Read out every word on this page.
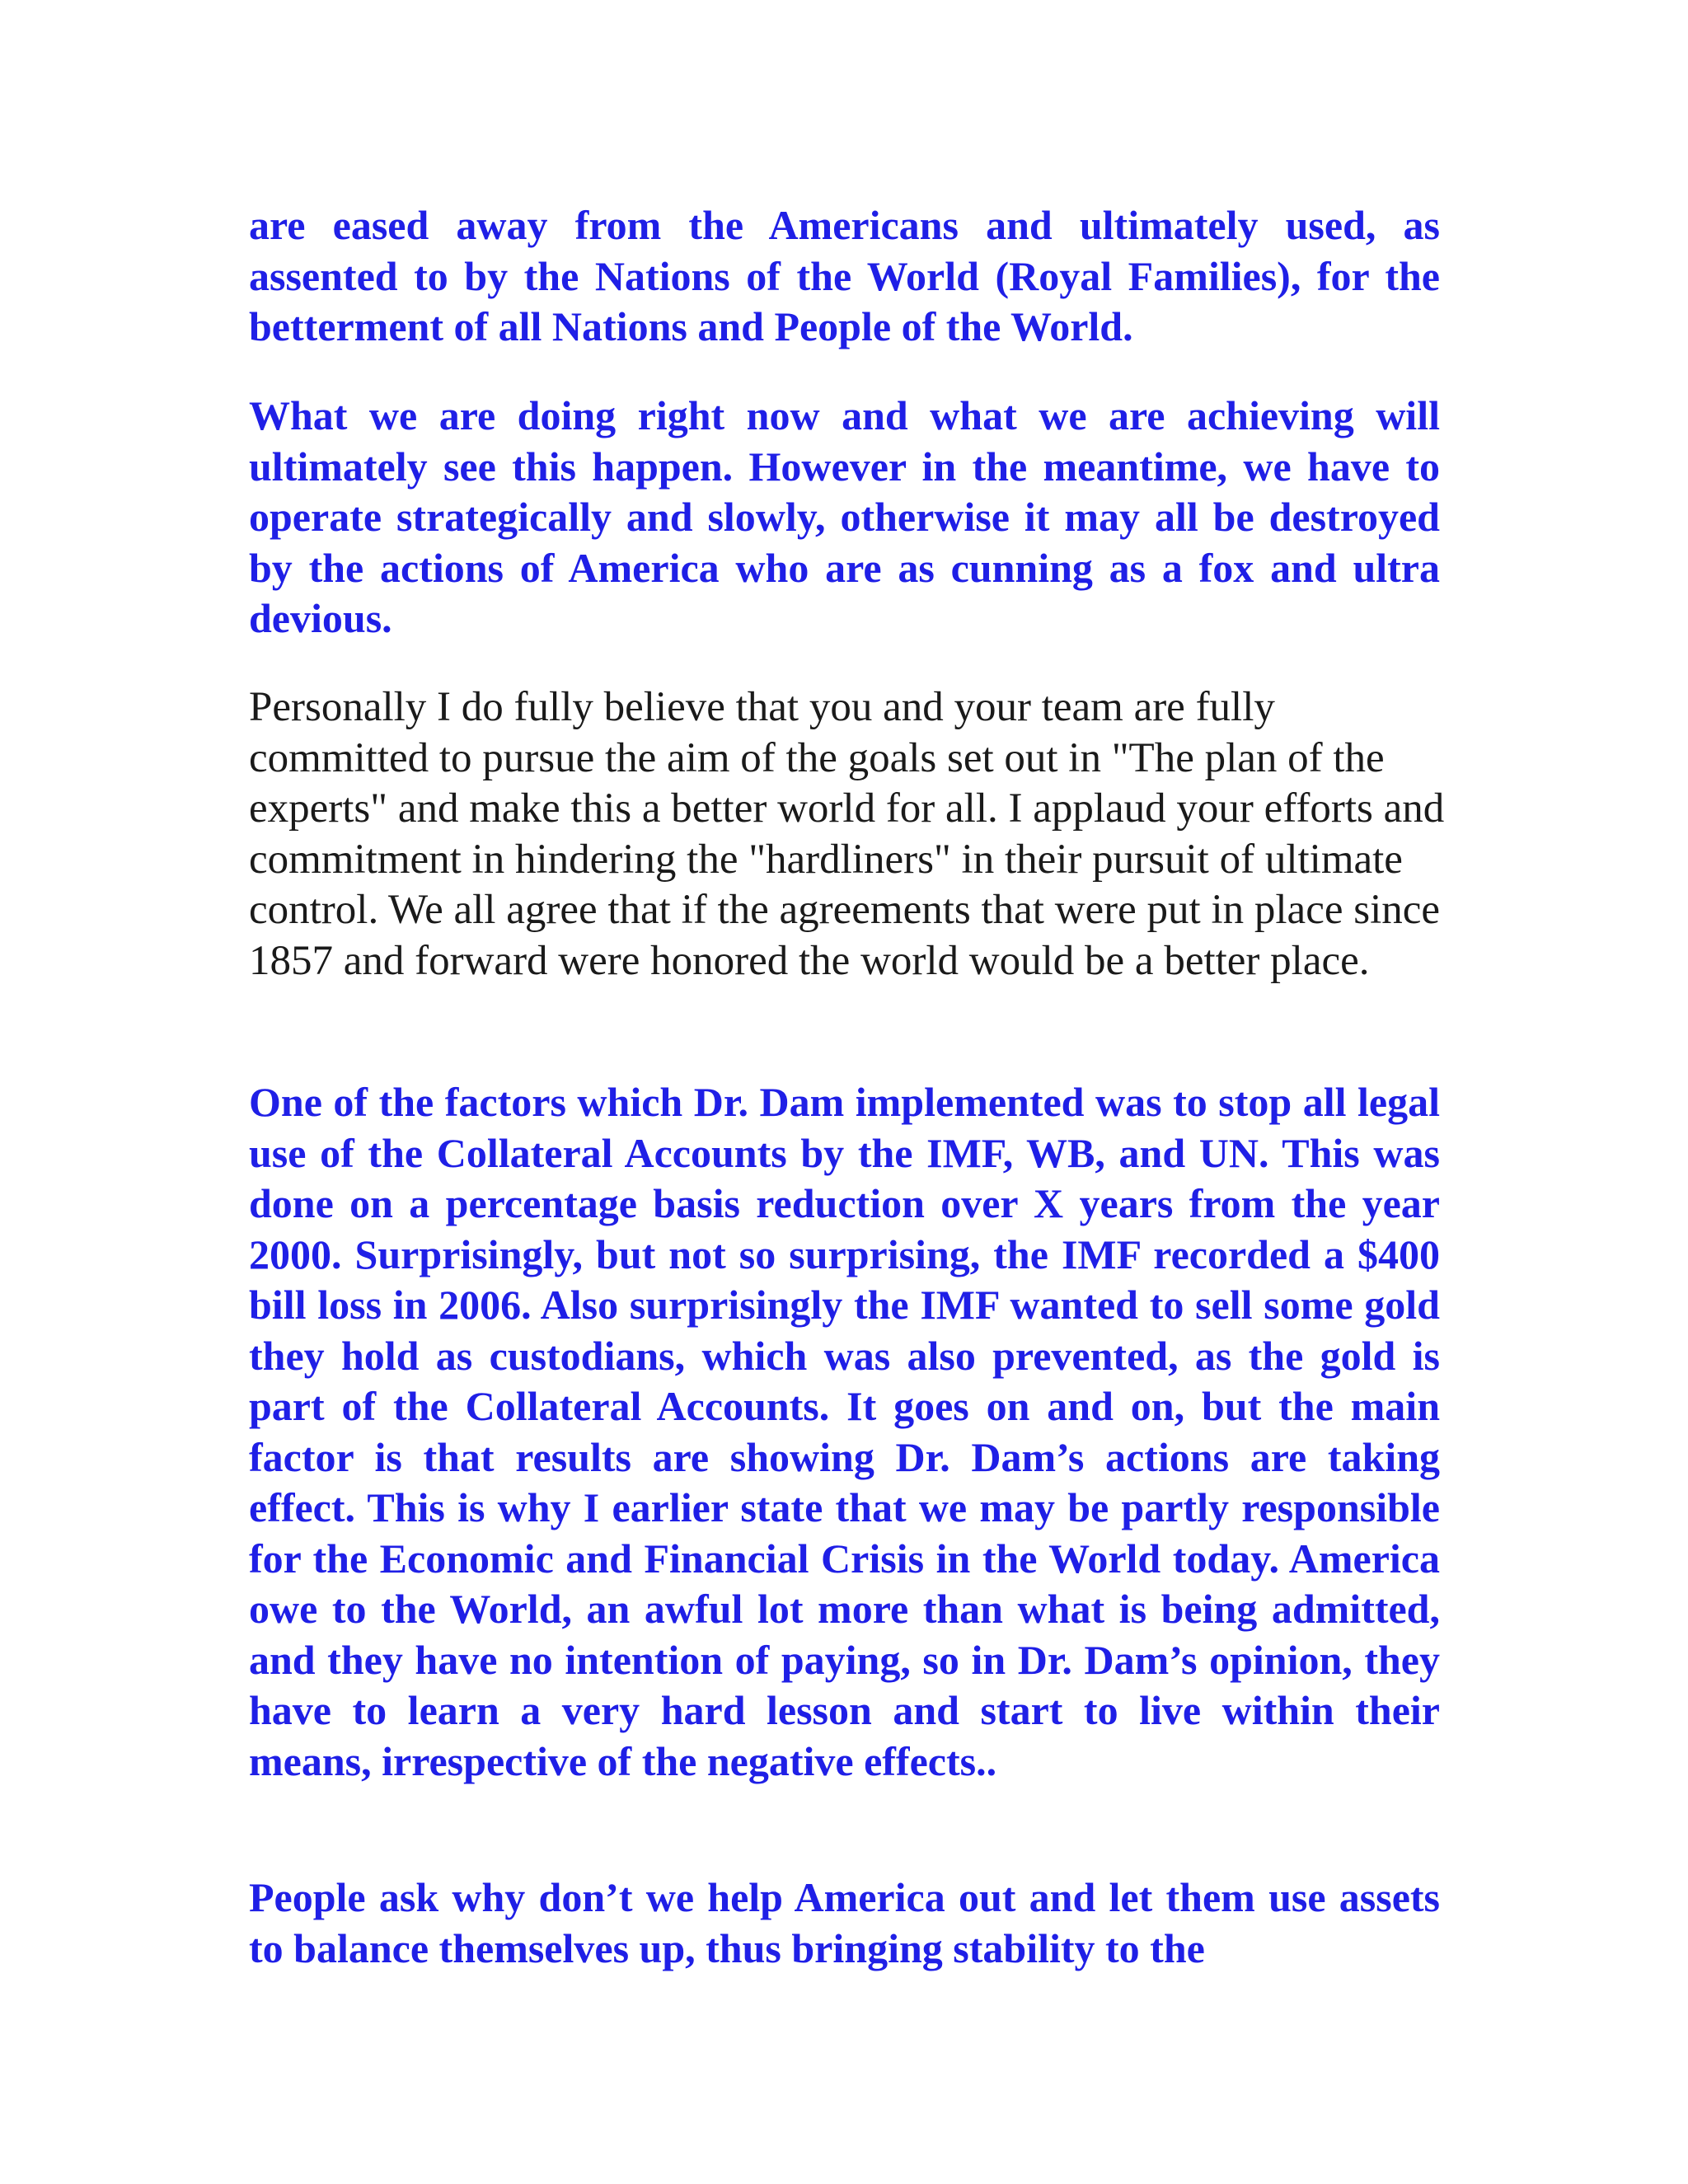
are eased away from the Americans and ultimately used, as assented to by the Nations of the World (Royal Families), for the betterment of all Nations and People of the World.

What we are doing right now and what we are achieving will ultimately see this happen. However in the meantime, we have to operate strategically and slowly, otherwise it may all be destroyed by the actions of America who are as cunning as a fox and ultra devious.

Personally I do fully believe that you and your team are fully committed to pursue the aim of the goals set out in "The plan of the experts" and make this a better world for all. I applaud your efforts and commitment in hindering the "hardliners" in their pursuit of ultimate control. We all agree that if the agreements that were put in place since 1857 and forward were honored the world would be a better place.

One of the factors which Dr. Dam implemented was to stop all legal use of the Collateral Accounts by the IMF, WB, and UN. This was done on a percentage basis reduction over X years from the year 2000. Surprisingly, but not so surprising, the IMF recorded a $400 bill loss in 2006. Also surprisingly the IMF wanted to sell some gold they hold as custodians, which was also prevented, as the gold is part of the Collateral Accounts. It goes on and on, but the main factor is that results are showing Dr. Dam’s actions are taking effect. This is why I earlier state that we may be partly responsible for the Economic and Financial Crisis in the World today. America owe to the World, an awful lot more than what is being admitted, and they have no intention of paying, so in Dr. Dam’s opinion, they have to learn a very hard lesson and start to live within their means, irrespective of the negative effects..

People ask why don’t we help America out and let them use assets to balance themselves up, thus bringing stability to the
